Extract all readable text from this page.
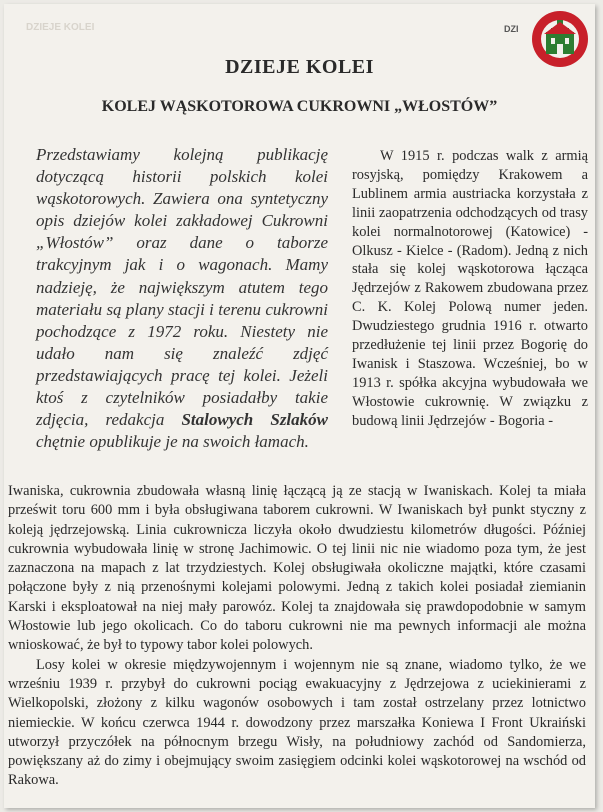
DZIEJE KOLEI	DZI
DZIEJE KOLEI
KOLEJ WĄSKOTOROWA CUKROWNI „WŁOSTÓW”
Przedstawiamy kolejną publikację dotyczącą historii polskich kolei wąskotorowych. Zawiera ona syntetyczny opis dziejów kolei zakładowej Cukrowni „Włostów” oraz dane o taborze trakcyjnym jak i o wagonach. Mamy nadzieję, że największym atutem tego materiału są plany stacji i terenu cukrowni pochodzące z 1972 roku. Niestety nie udało nam się znaleźć zdjęć przedstawiających pracę tej kolei. Jeżeli ktoś z czytelników posiadałby takie zdjęcia, redakcja Stalowych Szlaków chętnie opublikuje je na swoich łamach.
W 1915 r. podczas walk z armią rosyjską, pomiędzy Krakowem a Lublinem armia austriacka korzystała z linii zaopatrzenia odchodzących od trasy kolei normalnotorowej (Katowice) - Olkusz - Kielce - (Radom). Jedną z nich stała się kolej wąskotorowa łącząca Jędrzejów z Rakowem zbudowana przez C. K. Kolej Polową numer jeden. Dwudziestego grudnia 1916 r. otwarto przedłużenie tej linii przez Bogorię do Iwanisk i Staszowa. Wcześniej, bo w 1913 r. spółka akcyjna wybudowała we Włostowie cukrownię. W związku z budową linii Jędrzejów - Bogoria -

Iwaniska, cukrownia zbudowała własną linię łączącą ją ze stacją w Iwaniskach. Kolej ta miała prześwit toru 600 mm i była obsługiwana taborem cukrowni. W Iwaniskach był punkt styczny z koleją jędrzejowską. Linia cukrownicza liczyła około dwudziestu kilometrów długości. Później cukrownia wybudowała linię w stronę Jachimowic. O tej linii nic nie wiadomo poza tym, że jest zaznaczona na mapach z lat trzydziestych. Kolej obsługiwała okoliczne majątki, które czasami połączone były z nią przenośnymi kolejami polowymi. Jedną z takich kolei posiadał ziemianin Karski i eksploatował na niej mały parowóz. Kolej ta znajdowała się prawdopodobnie w samym Włostowie lub jego okolicach. Co do taboru cukrowni nie ma pewnych informacji ale można wnioskować, że był to typowy tabor kolei polowych.

Losy kolei w okresie międzywojennym i wojennym nie są znane, wiadomo tylko, że we wrześniu 1939 r. przybył do cukrowni pociąg ewakuacyjny z Jędrzejowa z uciekinierami z Wielkopolski, złożony z kilku wagonów osobowych i tam został ostrzelany przez lotnictwo niemieckie. W końcu czerwca 1944 r. dowodzony przez marszałka Koniewa I Front Ukraiński utworzył przyczółek na północnym brzegu Wisły, na południowy zachód od Sandomierza, powiększany aż do zimy i obejmujący swoim zasięgiem odcinki kolei wąskotorowej na wschód od Rakowa.
